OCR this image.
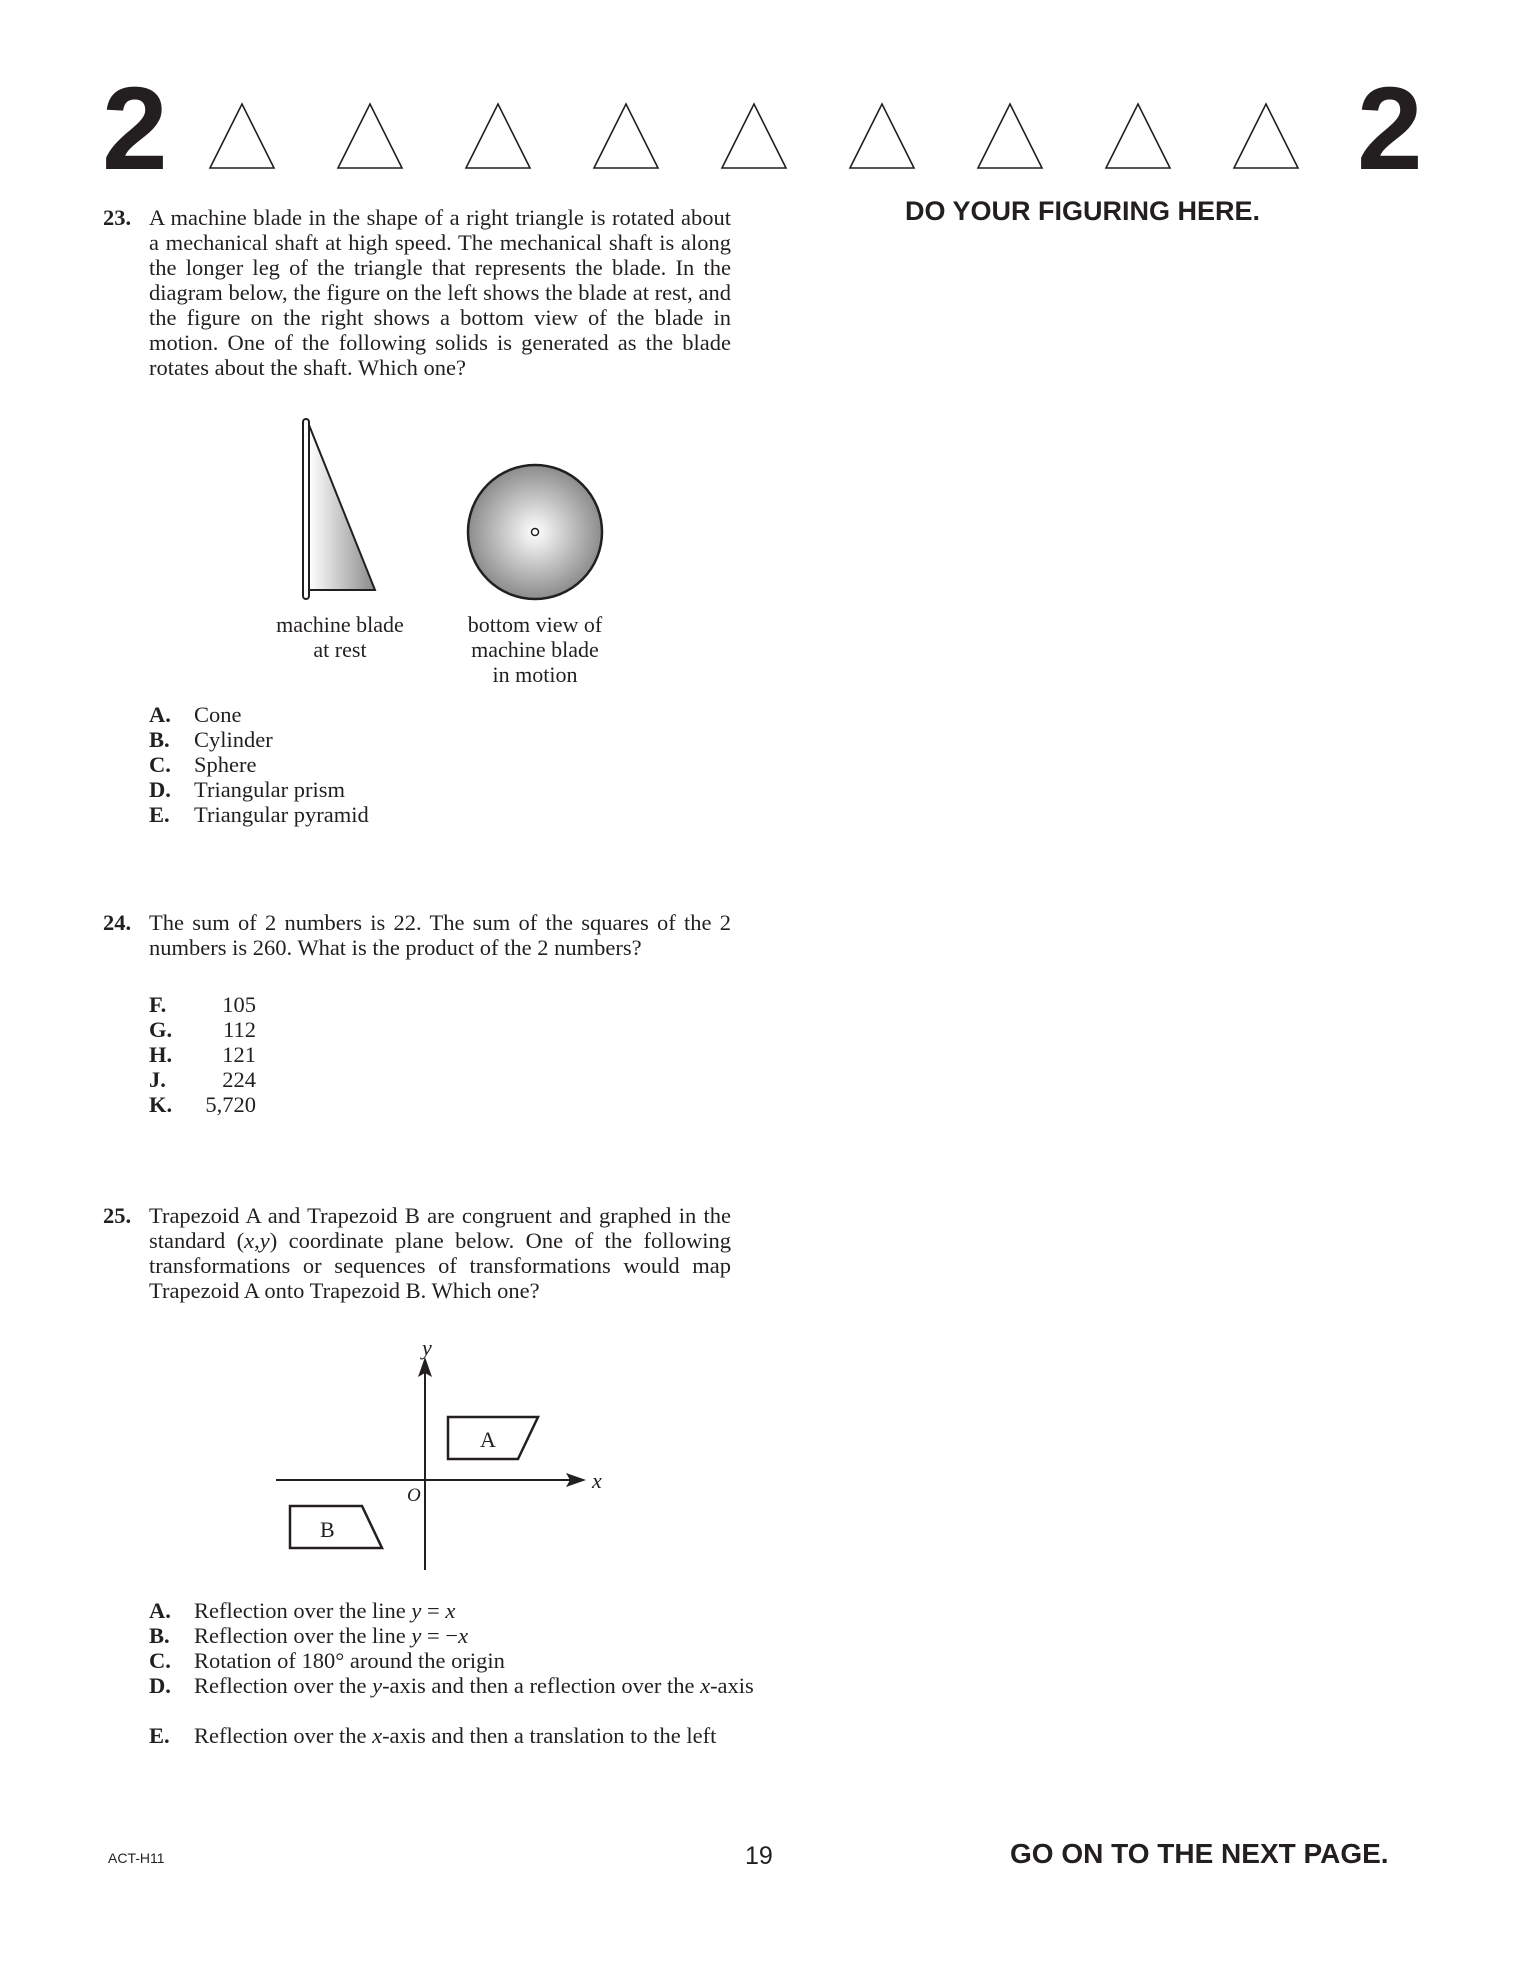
2	2
DO YOUR FIGURING HERE.
23. A machine blade in the shape of a right triangle is rotated about a mechanical shaft at high speed. The mechanical shaft is along the longer leg of the triangle that represents the blade. In the diagram below, the figure on the left shows the blade at rest, and the figure on the right shows a bottom view of the blade in motion. One of the following solids is generated as the blade rotates about the shaft. Which one?
machine blade
at rest
bottom view of
machine blade
in motion
A. Cone
B. Cylinder
C. Sphere
D. Triangular prism
E. Triangular pyramid
24. The sum of 2 numbers is 22. The sum of the squares of the 2 numbers is 260. What is the product of the 2 numbers?
F.	105
G.	112
H.	121
J.	224
K.	5,720
25. Trapezoid A and Trapezoid B are congruent and graphed in the standard (x,y) coordinate plane below. One of the following transformations or sequences of transformations would map Trapezoid A onto Trapezoid B. Which one?
y
x
O
A
B
A. Reflection over the line y = x
B. Reflection over the line y = −x
C. Rotation of 180° around the origin
D. Reflection over the y-axis and then a reflection over the x-axis
E. Reflection over the x-axis and then a translation to the left
ACT-H11	19	GO ON TO THE NEXT PAGE.
